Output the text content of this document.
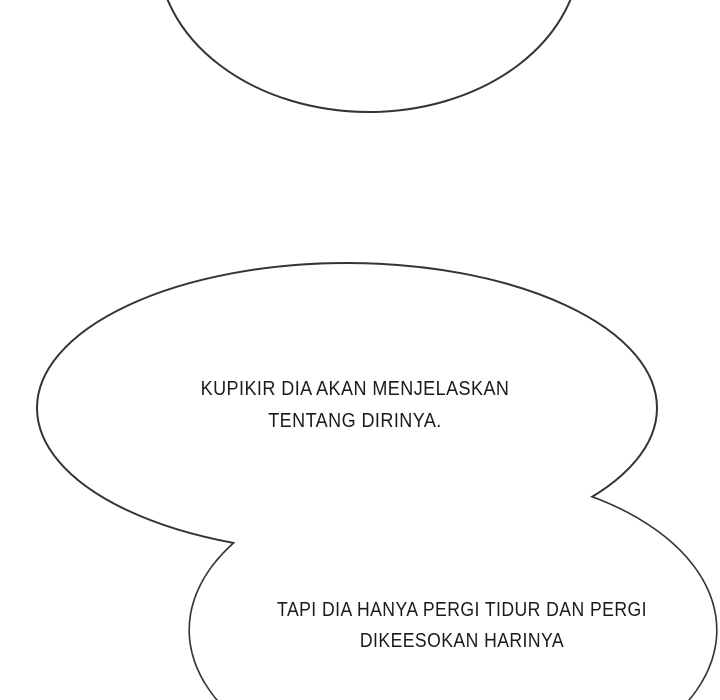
KUPIKIR DIA AKAN MENJELASKAN
TENTANG DIRINYA.
TAPI DIA HANYA PERGI TIDUR DAN PERGI
DIKEESOKAN HARINYA
